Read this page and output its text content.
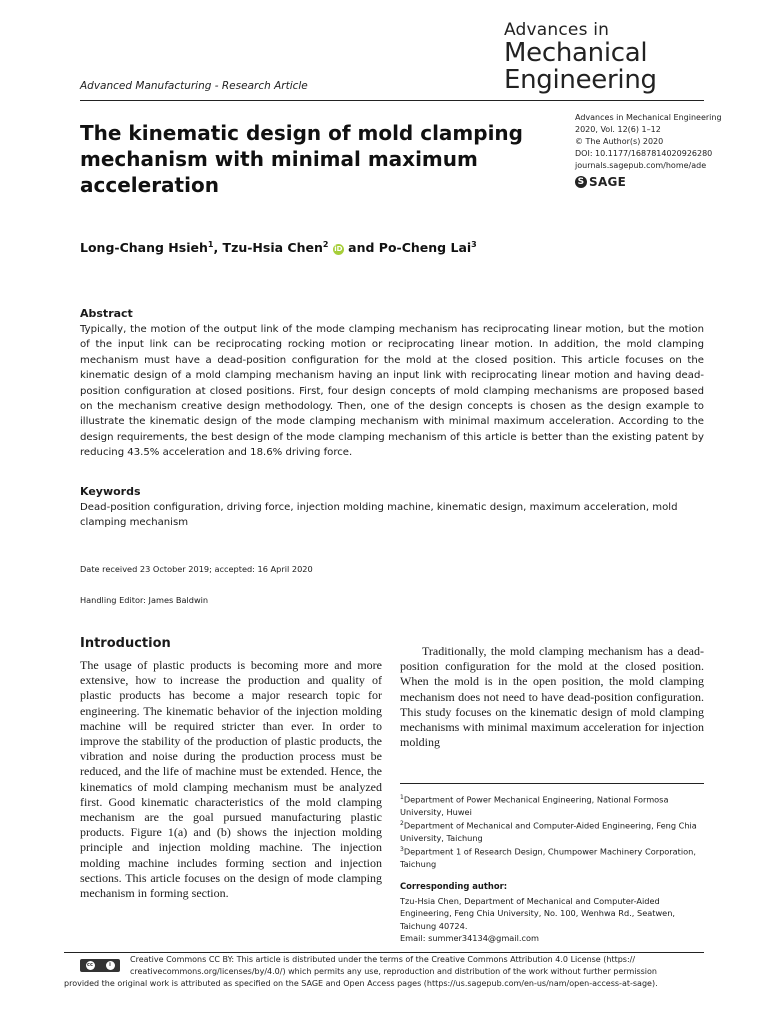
Advances in
Mechanical
Engineering
Advanced Manufacturing - Research Article
Advances in Mechanical Engineering
2020, Vol. 12(6) 1–12
© The Author(s) 2020
DOI: 10.1177/1687814020926280
journals.sagepub.com/home/ade
S SAGE
The kinematic design of mold clamping mechanism with minimal maximum acceleration
Long-Chang Hsieh$^1$, Tzu-Hsia Chen$^2$ iD and Po-Cheng Lai$^3$
Abstract
Typically, the motion of the output link of the mode clamping mechanism has reciprocating linear motion, but the motion of the input link can be reciprocating rocking motion or reciprocating linear motion. In addition, the mold clamping mechanism must have a dead-position configuration for the mold at the closed position. This article focuses on the kinematic design of a mold clamping mechanism having an input link with reciprocating linear motion and having dead-position configuration at closed positions. First, four design concepts of mold clamping mechanisms are proposed based on the mechanism creative design methodology. Then, one of the design concepts is chosen as the design example to illustrate the kinematic design of the mode clamping mechanism with minimal maximum acceleration. According to the design requirements, the best design of the mode clamping mechanism of this article is better than the existing patent by reducing 43.5% acceleration and 18.6% driving force.
Keywords
Dead-position configuration, driving force, injection molding machine, kinematic design, maximum acceleration, mold clamping mechanism
Date received 23 October 2019; accepted: 16 April 2020
Handling Editor: James Baldwin
Introduction
The usage of plastic products is becoming more and more extensive, how to increase the production and quality of plastic products has become a major research topic for engineering. The kinematic behavior of the injection molding machine will be required stricter than ever. In order to improve the stability of the production of plastic products, the vibration and noise during the production process must be reduced, and the life of machine must be extended. Hence, the kinematics of mold clamping mechanism must be analyzed first. Good kinematic characteristics of the mold clamping mechanism are the goal pursued manufacturing plastic products. Figure 1(a) and (b) shows the injection molding principle and injection molding machine. The injection molding machine includes forming section and injection sections. This article focuses on the design of mode clamping mechanism in forming section.

Traditionally, the mold clamping mechanism has a dead-position configuration for the mold at the closed position. When the mold is in the open position, the mold clamping mechanism does not need to have dead-position configuration. This study focuses on the kinematic design of mold clamping mechanisms with minimal maximum acceleration for injection molding

$^1$Department of Power Mechanical Engineering, National Formosa University, Huwei
$^2$Department of Mechanical and Computer-Aided Engineering, Feng Chia University, Taichung
$^3$Department 1 of Research Design, Chumpower Machinery Corporation, Taichung
Corresponding author:
Tzu-Hsia Chen, Department of Mechanical and Computer-Aided Engineering, Feng Chia University, No. 100, Wenhwa Rd., Seatwen, Taichung 40724.
Email: summer34134@gmail.com
cc	i
Creative Commons CC BY: This article is distributed under the terms of the Creative Commons Attribution 4.0 License (https://
creativecommons.org/licenses/by/4.0/) which permits any use, reproduction and distribution of the work without further permission
provided the original work is attributed as specified on the SAGE and Open Access pages (https://us.sagepub.com/en-us/nam/open-access-at-sage).
